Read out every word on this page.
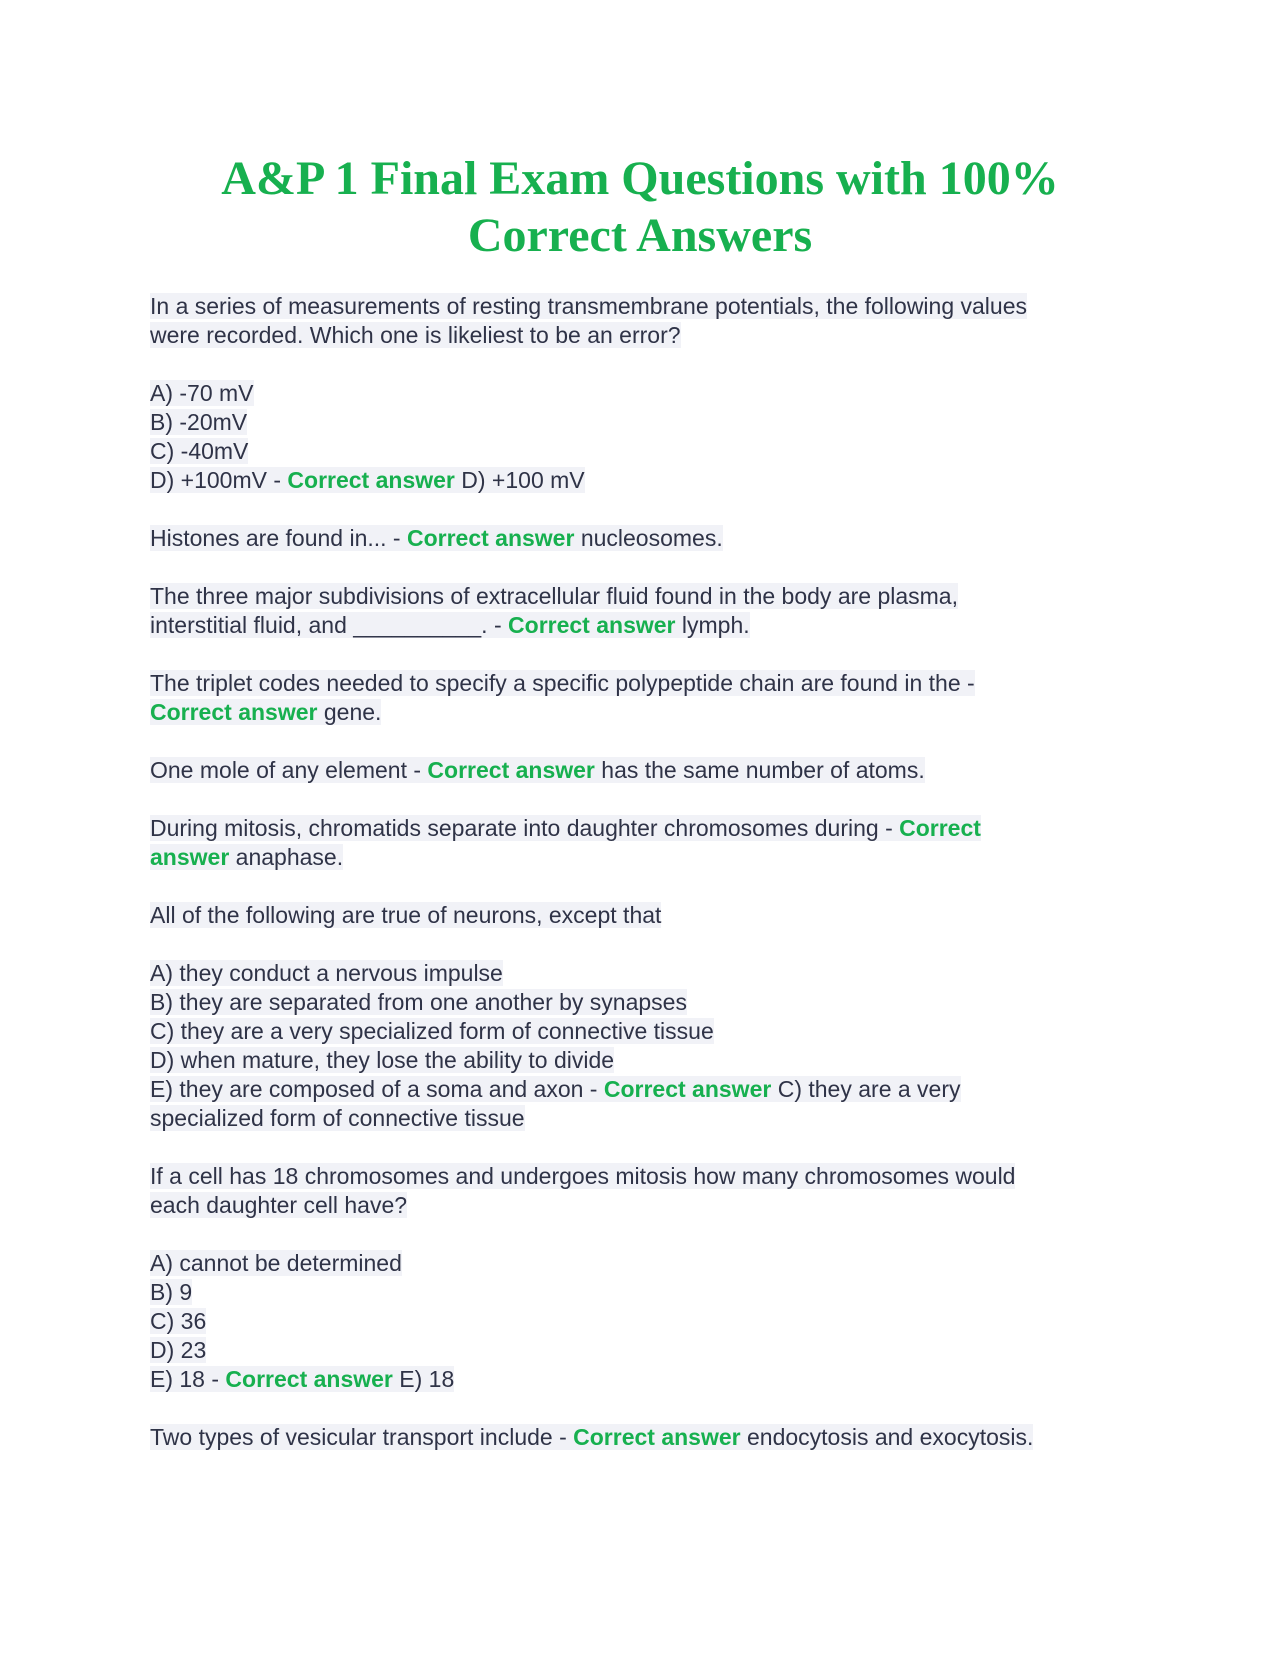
A&P 1 Final Exam Questions with 100%
Correct Answers
In a series of measurements of resting transmembrane potentials, the following values
were recorded. Which one is likeliest to be an error?
A) -70 mV
B) -20mV
C) -40mV
D) +100mV - Correct answer D) +100 mV
Histones are found in... - Correct answer nucleosomes.
The three major subdivisions of extracellular fluid found in the body are plasma,
interstitial fluid, and __________. - Correct answer lymph.
The triplet codes needed to specify a specific polypeptide chain are found in the -
Correct answer gene.
One mole of any element - Correct answer has the same number of atoms.
During mitosis, chromatids separate into daughter chromosomes during - Correct
answer anaphase.
All of the following are true of neurons, except that
A) they conduct a nervous impulse
B) they are separated from one another by synapses
C) they are a very specialized form of connective tissue
D) when mature, they lose the ability to divide
E) they are composed of a soma and axon - Correct answer C) they are a very
specialized form of connective tissue
If a cell has 18 chromosomes and undergoes mitosis how many chromosomes would
each daughter cell have?
A) cannot be determined
B) 9
C) 36
D) 23
E) 18 - Correct answer E) 18
Two types of vesicular transport include - Correct answer endocytosis and exocytosis.
